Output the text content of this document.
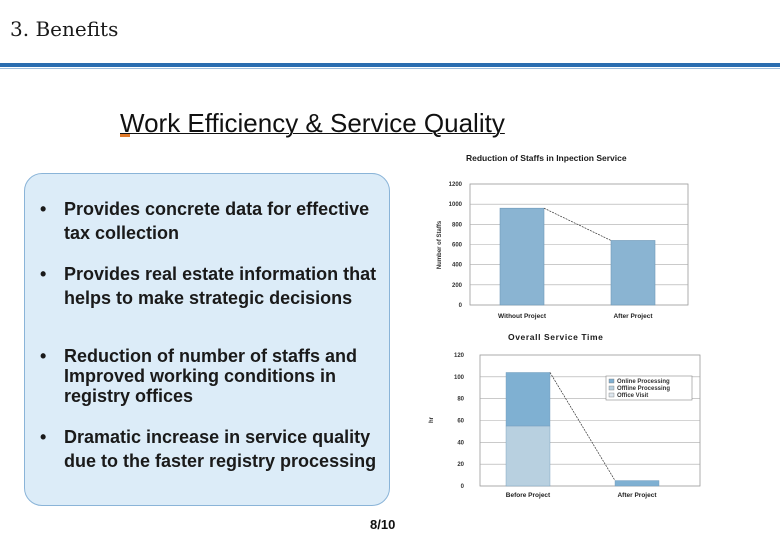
3. Benefits
Work Efficiency & Service Quality
• Provides concrete data for effective tax collection
• Provides real estate information that helps to make strategic decisions
• Reduction of number of staffs and Improved working conditions in registry offices
• Dramatic increase in service quality due to the faster registry processing
8/10
Reduction of Staffs in Inpection Service
0
200
400
600
800
1000
1200
Number of Staffs
Without Project	After Project
Overall Service Time
0
20
40
60
80
100
120
hr
Before Project	After Project
Online Processing
Offline Processing
Office Visit
